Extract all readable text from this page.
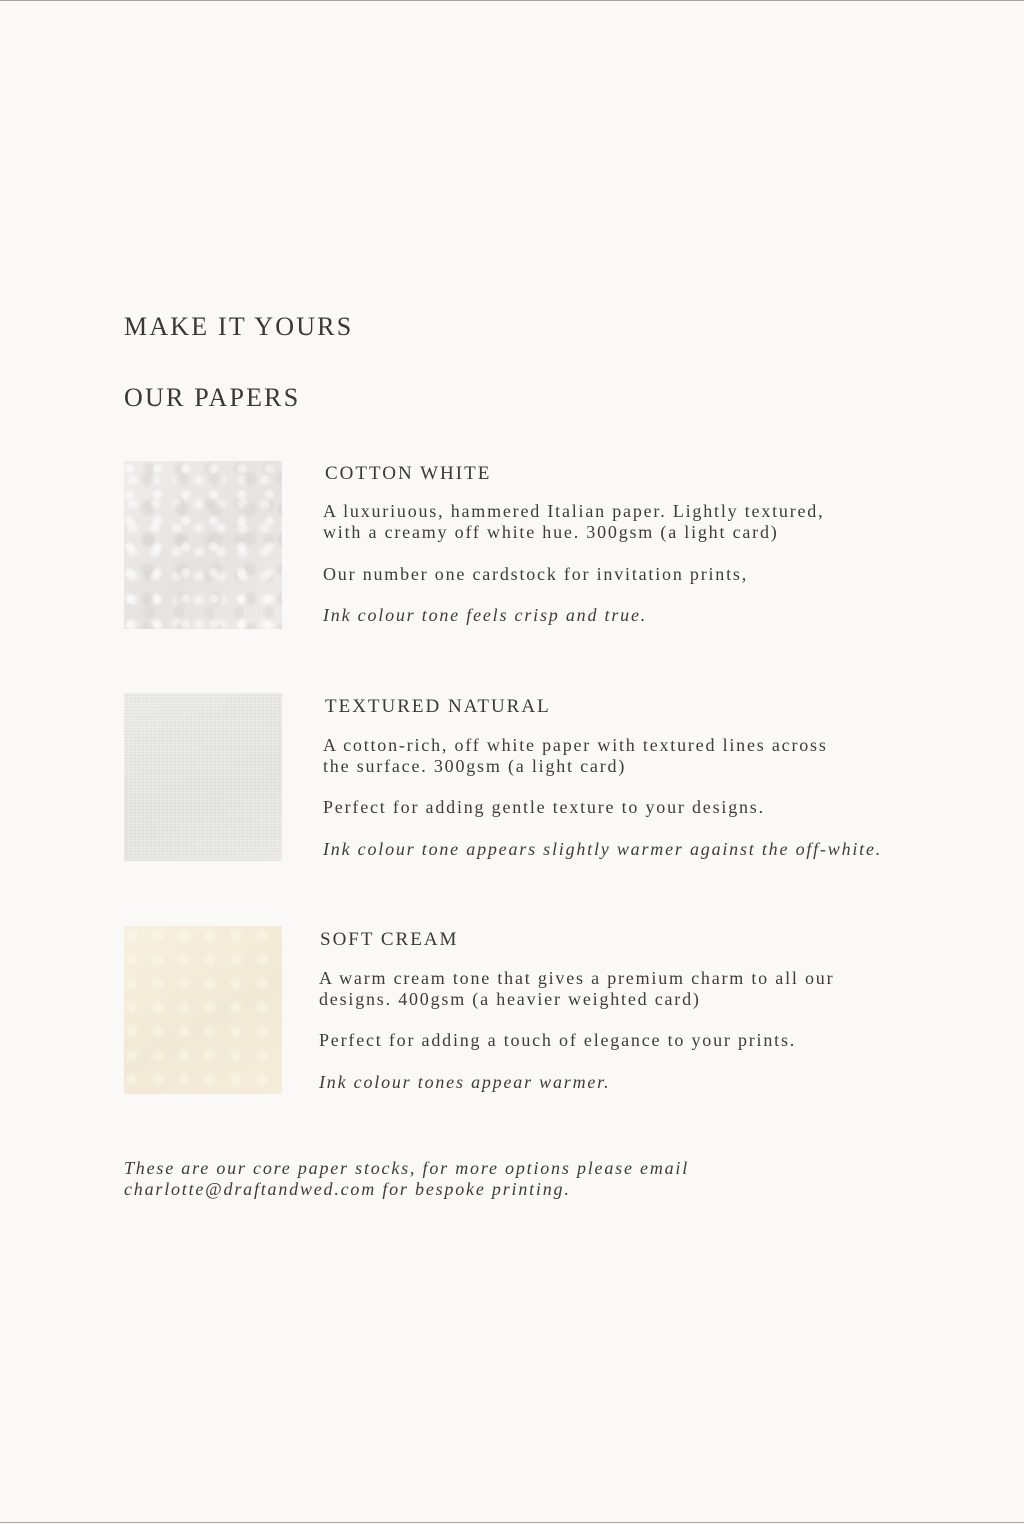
MAKE IT YOURS
OUR PAPERS
COTTON WHITE

A luxuriuous, hammered Italian paper. Lightly textured,
with a creamy off white hue. 300gsm (a light card)

Our number one cardstock for invitation prints,

Ink colour tone feels crisp and true.

TEXTURED NATURAL

A cotton-rich, off white paper with textured lines across
the surface. 300gsm (a light card)

Perfect for adding gentle texture to your designs.

Ink colour tone appears slightly warmer against the off-white.

SOFT CREAM

A warm cream tone that gives a premium charm to all our
designs. 400gsm (a heavier weighted card)

Perfect for adding a touch of elegance to your prints.

Ink colour tones appear warmer.

These are our core paper stocks, for more options please email
charlotte@draftandwed.com for bespoke printing.
